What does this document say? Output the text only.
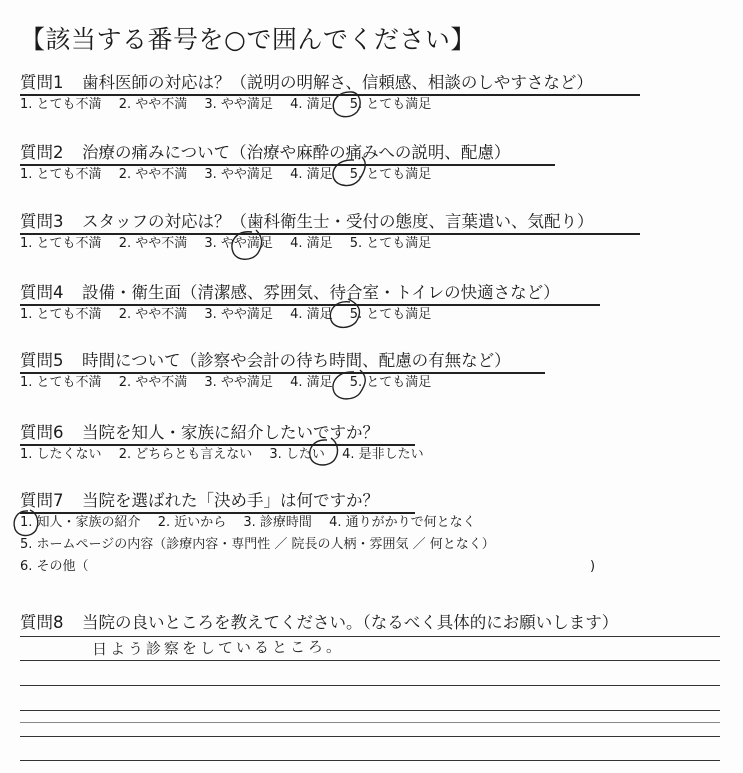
【該当する番号を○で囲んでください】
質問1 歯科医師の対応は？（説明の明解さ、信頼感、相談のしやすさなど）
1. とても不満 2. やや不満 3. やや満足 4. 満足 5. とても満足
質問2 治療の痛みについて（治療や麻酔の痛みへの説明、配慮）
1. とても不満 2. やや不満 3. やや満足 4. 満足 5. とても満足
質問3 スタッフの対応は？（歯科衛生士・受付の態度、言葉遣い、気配り）
1. とても不満 2. やや不満 3. やや満足 4. 満足 5. とても満足
質問4 設備・衛生面（清潔感、雰囲気、待合室・トイレの快適さなど）
1. とても不満 2. やや不満 3. やや満足 4. 満足 5. とても満足
質問5 時間について（診察や会計の待ち時間、配慮の有無など）
1. とても不満 2. やや不満 3. やや満足 4. 満足 5. とても満足
質問6 当院を知人・家族に紹介したいですか？
1. したくない 2. どちらとも言えない 3. したい 4. 是非したい
質問7 当院を選ばれた「決め手」は何ですか？
1. 知人・家族の紹介 2. 近いから 3. 診療時間 4. 通りがかりで何となく
5. ホームページの内容（診療内容・専門性 ／ 院長の人柄・雰囲気 ／ 何となく）
6. その他（	)
質問8 当院の良いところを教えてください。（なるべく具体的にお願いします）
日よう診察をしているところ。
